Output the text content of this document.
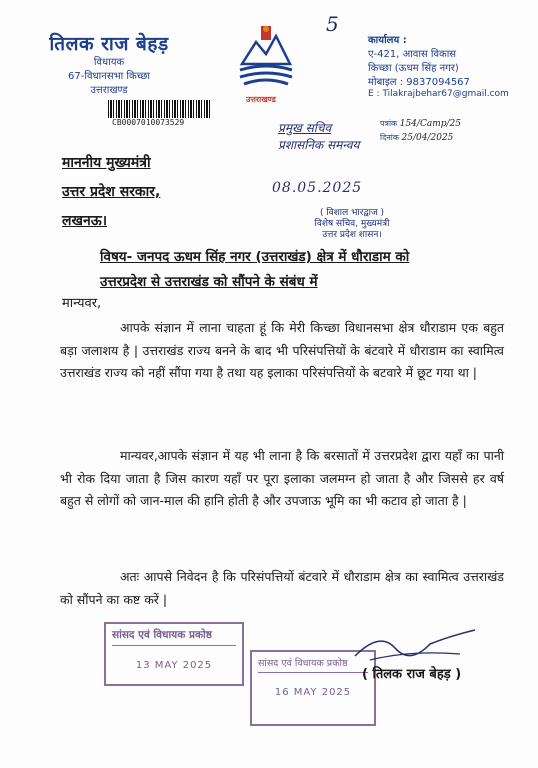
5
तिलक राज बेहड़
विधायक
67-विधानसभा किच्छा
उत्तराखण्ड
CB0007010073529
उत्तराखण्ड
कार्यालय :
ए-421, आवास विकास
किच्छा (ऊधम सिंह नगर)
मोबाइल : 9837094567
E : Tilakrajbehar67@gmail.com
पत्रांक 154/Camp/25
दिनांक 25/04/2025
प्रमुख सचिव
प्रशासनिक समन्वय
08.05.2025
( विशाल भारद्वाज )
विशेष सचिव, मुख्यमंत्री
उत्तर प्रदेश शासन।
माननीय मुख्यमंत्री
उत्तर प्रदेश सरकार,
लखनऊ।
विषय- जनपद ऊधम सिंह नगर (उत्तराखंड) क्षेत्र में धौराडाम को
उत्तरप्रदेश से उत्तराखंड को सौंपने के संबंध में
मान्यवर,

आपके संज्ञान में लाना चाहता हूं कि मेरी किच्छा विधानसभा क्षेत्र धौराडाम एक बहुत बड़ा जलाशय है | उत्तराखंड राज्य बनने के बाद भी परिसंपत्तियों के बंटवारे में धौराडाम का स्वामित्व उत्तराखंड राज्य को नहीं सौंपा गया है तथा यह इलाका परिसंपत्तियों के बटवारे में छूट गया था |

मान्यवर,आपके संज्ञान में यह भी लाना है कि बरसातों में उत्तरप्रदेश द्वारा यहाँ का पानी भी रोक दिया जाता है जिस कारण यहाँ पर पूरा इलाका जलमग्न हो जाता है और जिससे हर वर्ष बहुत से लोगों को जान-माल की हानि होती है और उपजाऊ भूमि का भी कटाव हो जाता है |

अतः आपसे निवेदन है कि परिसंपत्तियों बंटवारे में धौराडाम क्षेत्र का स्वामित्व उत्तराखंड को सौंपने का कष्ट करें |

सांसद एवं विधायक प्रकोष्ठ
13 MAY 2025	सांसद एवं विधायक प्रकोष्ठ
16 MAY 2025
( तिलक राज बेहड़ )
